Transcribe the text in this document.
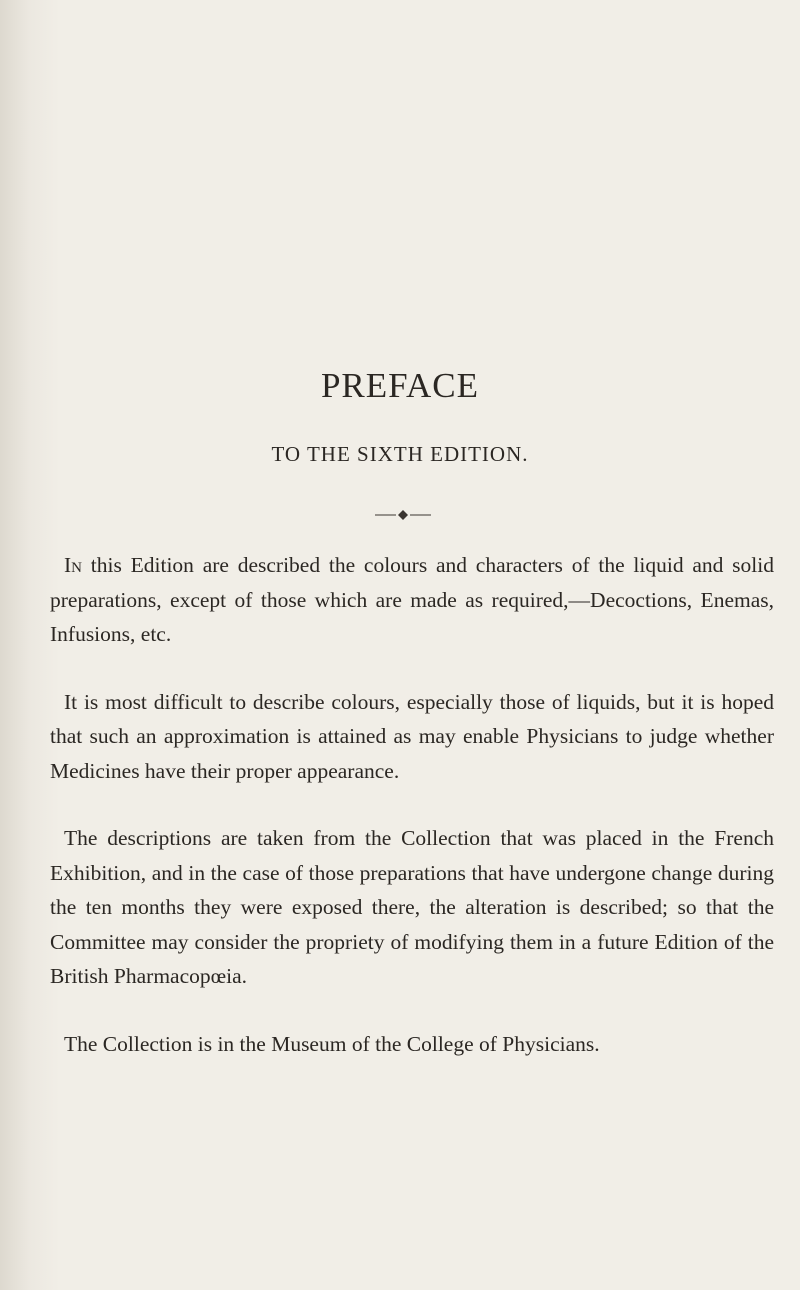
PREFACE
TO THE SIXTH EDITION.

In this Edition are described the colours and characters of the liquid and solid preparations, except of those which are made as required,—Decoctions, Enemas, Infusions, etc.

It is most difficult to describe colours, especially those of liquids, but it is hoped that such an approximation is attained as may enable Physicians to judge whether Medicines have their proper appearance.

The descriptions are taken from the Collection that was placed in the French Exhibition, and in the case of those preparations that have undergone change during the ten months they were exposed there, the alteration is described; so that the Committee may consider the propriety of modifying them in a future Edition of the British Pharmacopœia.

The Collection is in the Museum of the College of Physicians.
